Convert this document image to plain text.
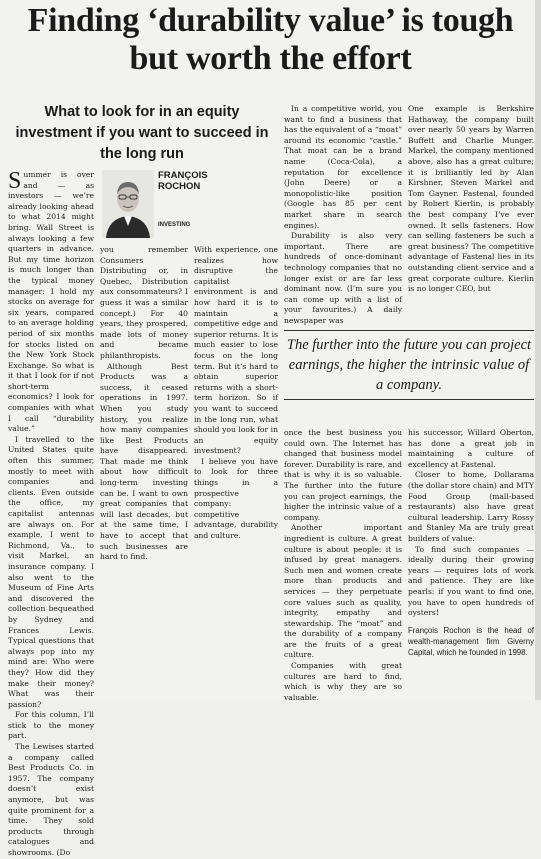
Finding ‘durability value’ is tough but worth the effort
What to look for in an equity investment if you want to succeed in the long run

Summer is over and — as investors — we’re already looking ahead to what 2014 might bring. Wall Street is always looking a few quarters in advance. But my time horizon is much longer than the typical money manager: I hold my stocks on average for six years, compared to an average holding period of six months for stocks listed on the New York Stock Exchange. So what is it that I look for if not short-term economics? I look for companies with what I call “durability value.”

I travelled to the United States quite often this summer, mostly to meet with companies and clients. Even outside the office, my capitalist antennas are always on. For example, I went to Richmond, Va., to visit Markel, an insurance company. I also went to the Museum of Fine Arts and discovered the collection bequeathed by Sydney and Frances Lewis. Typical questions that always pop into my mind are: Who were they? How did they make their money? What was their passion?

For this column, I’ll stick to the money part.

The Lewises started a company called Best Products Co. in 1957. The company doesn’t exist anymore, but was quite prominent for a time. They sold products through catalogues and showrooms. (Do

FRANÇOIS
ROCHON
INVESTING

you remember Consumers Distributing or, in Quebec, Distribution aux consommateurs? I guess it was a similar concept.) For 40 years, they prospered, made lots of money and became philanthropists.

Although Best Products was a success, it ceased operations in 1997. When you study history, you realize how many companies like Best Products have disappeared. That made me think about how difficult long-term investing can be. I want to own great companies that will last decades, but at the same time, I have to accept that such businesses are hard to find.

With experience, one realizes how disruptive the capitalist environment is and how hard it is to maintain a competitive edge and superior returns. It is much easier to lose focus on the long term. But it’s hard to obtain superior returns with a short-term horizon. So if you want to succeed in the long run, what should you look for in an equity investment?

I believe you have to look for three things in a prospective company: competitive advantage, durability and culture.

In a competitive world, you want to find a business that has the equivalent of a “moat” around its economic “castle.” That moat can be a brand name (Coca-Cola), a reputation for excellence (John Deere) or a monopolistic-like position (Google has 85 per cent market share in search engines).

Durability is also very important. There are hundreds of once-dominant technology companies that no longer exist or are far less dominant now. (I’m sure you can come up with a list of your favourites.) A daily newspaper was

One example is Berkshire Hathaway, the company built over nearly 50 years by Warren Buffett and Charlie Munger. Markel, the company mentioned above, also has a great culture; it is brilliantly led by Alan Kirshner, Steven Markel and Tom Gayner. Fastenal, founded by Robert Kierlin, is probably the best company I’ve ever owned. It sells fasteners. How can selling fasteners be such a great business? The competitive advantage of Fastenal lies in its outstanding client service and a great corporate culture. Kierlin is no longer CEO, but

The further into the future you can project earnings, the higher the intrinsic value of a company.

once the best business you could own. The Internet has changed that business model forever. Durability is rare, and that is why it is so valuable. The further into the future you can project earnings, the higher the intrinsic value of a company.

Another important ingredient is culture. A great culture is about people: it is infused by great managers. Such men and women create more than products and services — they perpetuate core values such as quality, integrity, empathy and stewardship. The “moat” and the durability of a company are the fruits of a great culture.

Companies with great cultures are hard to find, which is why they are so valuable.

his successor, Willard Oberton, has done a great job in maintaining a culture of excellency at Fastenal.

Closer to home, Dollarama (the dollar store chain) and MTY Food Group (mall-based restaurants) also have great cultural leadership. Larry Rossy and Stanley Ma are truly great builders of value.

To find such companies — ideally during their growing years — requires lots of work and patience. They are like pearls: if you want to find one, you have to open hundreds of oysters!

François Rochon is the head of wealth-management firm Giverny Capital, which he founded in 1998.
